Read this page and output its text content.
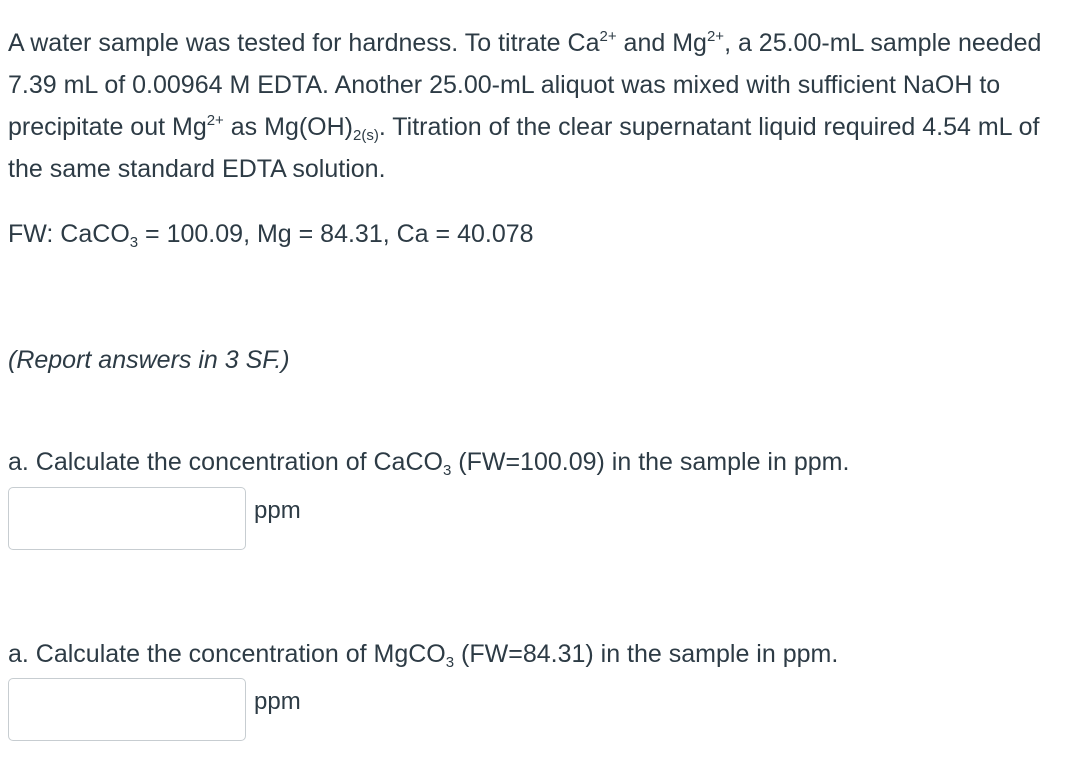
A water sample was tested for hardness. To titrate $Ca^{2+}$ and $Mg^{2+}$, a 25.00-mL sample needed 7.39 mL of 0.00964 M EDTA. Another 25.00-mL aliquot was mixed with sufficient NaOH to precipitate out $Mg^{2+}$ as $Mg(OH)_{2(s)}$. Titration of the clear supernatant liquid required 4.54 mL of the same standard EDTA solution.

FW: CaCO$_3$ = 100.09, Mg = 84.31, Ca = 40.078

(Report answers in 3 SF.)

a. Calculate the concentration of CaCO$_3$ (FW=100.09) in the sample in ppm.

ppm

a. Calculate the concentration of MgCO$_3$ (FW=84.31) in the sample in ppm.

ppm
